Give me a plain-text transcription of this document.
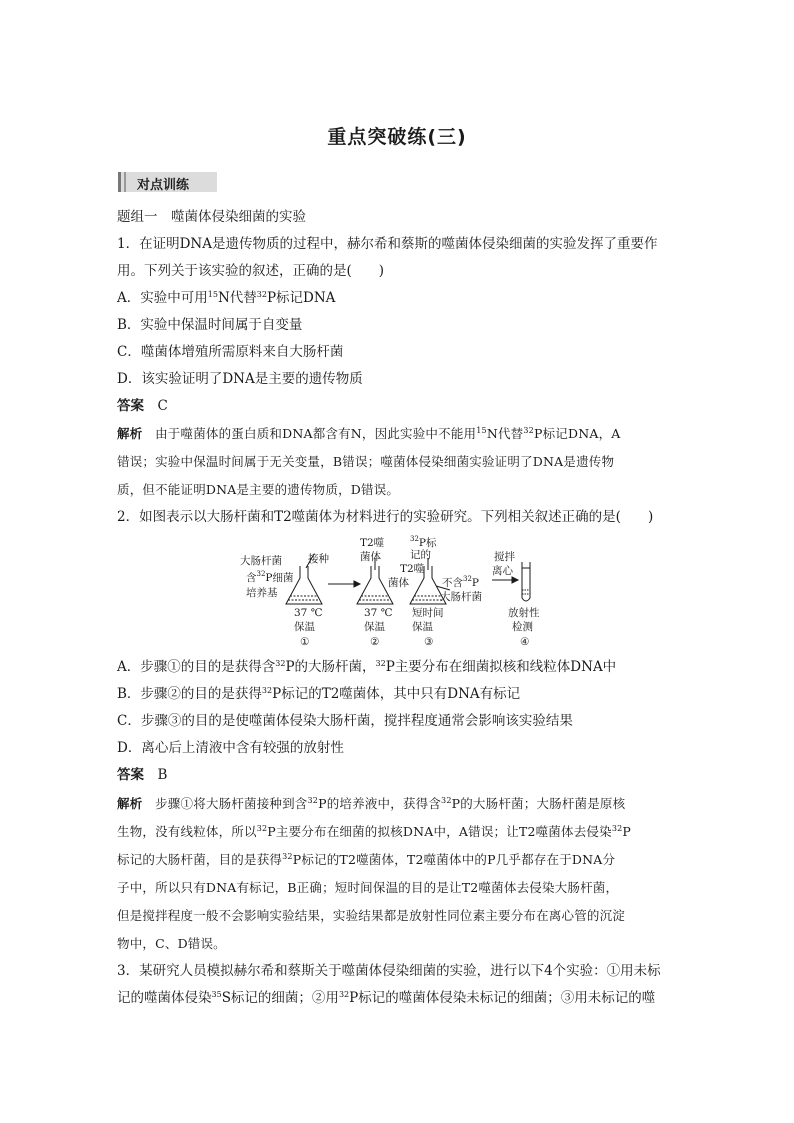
重点突破练(三)
对点训练
题组一　噬菌体侵染细菌的实验
1．在证明DNA是遗传物质的过程中，赫尔希和蔡斯的噬菌体侵染细菌的实验发挥了重要作
用。下列关于该实验的叙述，正确的是(　　)
A．实验中可用$^{15}$N代替$^{32}$P标记DNA
B．实验中保温时间属于自变量
C．噬菌体增殖所需原料来自大肠杆菌
D．该实验证明了DNA是主要的遗传物质
答案　 C
解析　 由于噬菌体的蛋白质和DNA都含有N，因此实验中不能用$^{15}$N代替$^{32}$P标记DNA，A
错误；实验中保温时间属于无关变量，B错误；噬菌体侵染细菌实验证明了DNA是遗传物
质，但不能证明DNA是主要的遗传物质，D错误。
2．如图表示以大肠杆菌和T2噬菌体为材料进行的实验研究。下列相关叙述正确的是(　　)
大肠杆菌 接种
含$^{32}$P细菌
培养基
37 ℃
保温
①
T2噬
菌体
37 ℃
保温
②
$^{32}$P标
记的
T2噬
菌体	不含$^{32}$P
大肠杆菌
短时间
保温
③
搅拌
离心
放射性
检测
④
A．步骤①的目的是获得含$^{32}$P的大肠杆菌，$^{32}$P主要分布在细菌拟核和线粒体DNA中
B．步骤②的目的是获得$^{32}$P标记的T2噬菌体，其中只有DNA有标记
C．步骤③的目的是使噬菌体侵染大肠杆菌，搅拌程度通常会影响该实验结果
D．离心后上清液中含有较强的放射性
答案　 B
解析　 步骤①将大肠杆菌接种到含$^{32}$P的培养液中，获得含$^{32}$P的大肠杆菌；大肠杆菌是原核
生物，没有线粒体，所以$^{32}$P主要分布在细菌的拟核DNA中，A错误；让T2噬菌体去侵染$^{32}$P
标记的大肠杆菌，目的是获得$^{32}$P标记的T2噬菌体，T2噬菌体中的P几乎都存在于DNA分
子中，所以只有DNA有标记，B正确；短时间保温的目的是让T2噬菌体去侵染大肠杆菌，
但是搅拌程度一般不会影响实验结果，实验结果都是放射性同位素主要分布在离心管的沉淀
物中，C、D错误。
3．某研究人员模拟赫尔希和蔡斯关于噬菌体侵染细菌的实验，进行以下4个实验：①用未标
记的噬菌体侵染$^{35}$S标记的细菌；②用$^{32}$P标记的噬菌体侵染未标记的细菌；③用未标记的噬
